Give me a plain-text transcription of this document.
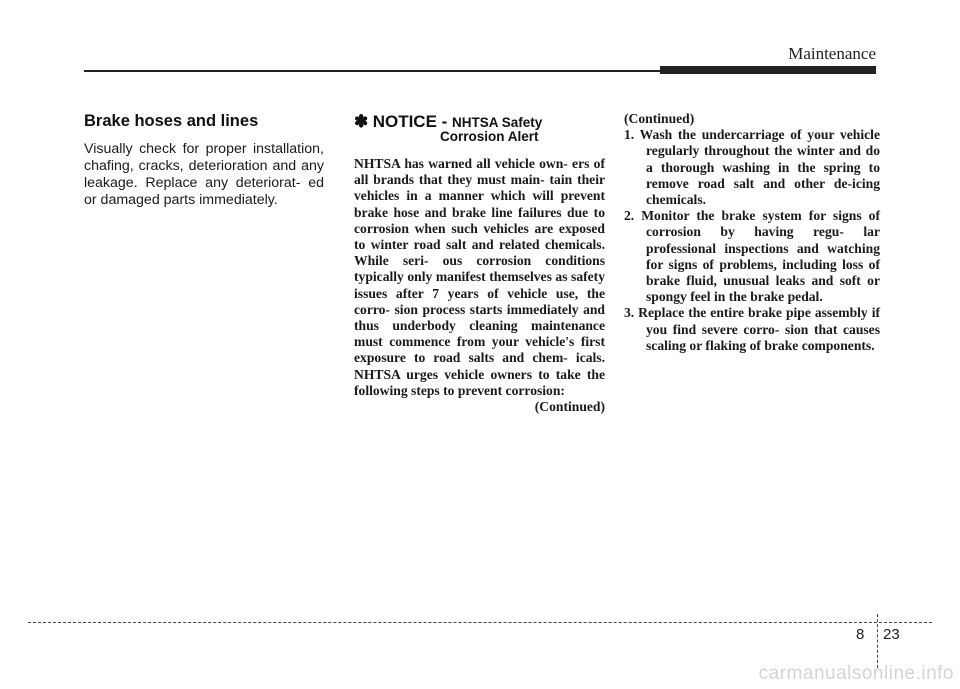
Maintenance
Brake hoses and lines

Visually check for proper installation, chafing, cracks, deterioration and any leakage. Replace any deteriorat- ed or damaged parts immediately.

✽ NOTICE - NHTSA Safety
Corrosion Alert

NHTSA has warned all vehicle own- ers of all brands that they must main- tain their vehicles in a manner which will prevent brake hose and brake line failures due to corrosion when such vehicles are exposed to winter road salt and related chemicals. While seri- ous corrosion conditions typically only manifest themselves as safety issues after 7 years of vehicle use, the corro- sion process starts immediately and thus underbody cleaning maintenance must commence from your vehicle's first exposure to road salts and chem- icals. NHTSA urges vehicle owners to take the following steps to prevent corrosion:

(Continued)
(Continued)
1. Wash the undercarriage of your vehicle regularly throughout the winter and do a thorough washing in the spring to remove road salt and other de-icing chemicals.
2. Monitor the brake system for signs of corrosion by having regu- lar professional inspections and watching for signs of problems, including loss of brake fluid, unusual leaks and soft or spongy feel in the brake pedal.
3. Replace the entire brake pipe assembly if you find severe corro- sion that causes scaling or flaking of brake components.
8 23
carmanualsonline.info
